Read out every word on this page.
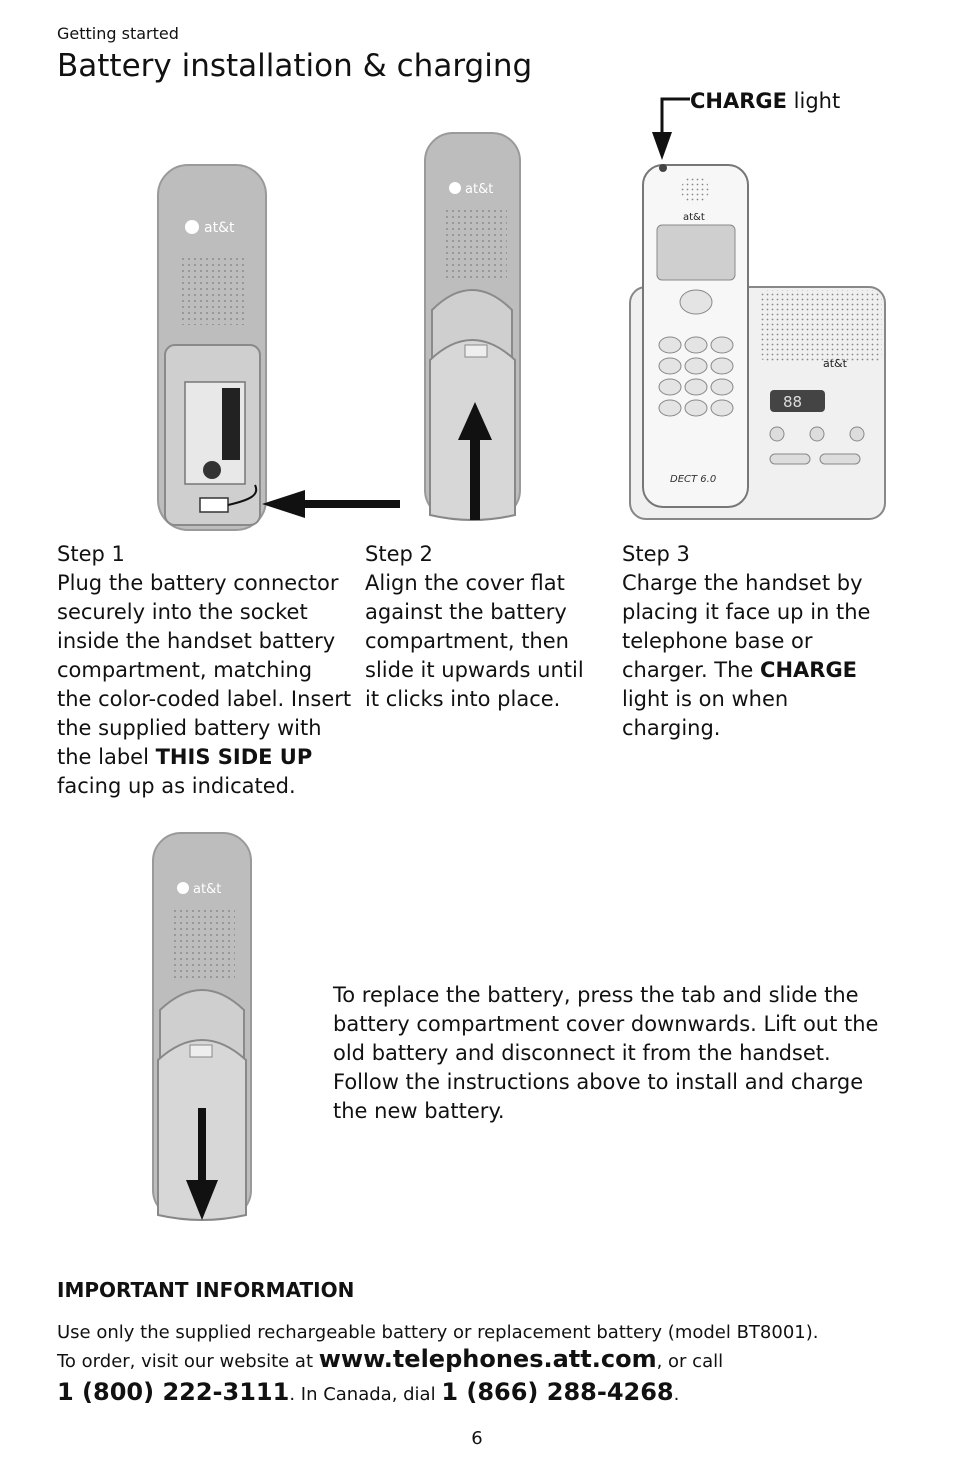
Getting started
Battery installation & charging
CHARGE light
at&t
at&t
at&t
88
at&t
DECT 6.0
Step 1
Plug the battery connector securely into the socket inside the handset battery compartment, matching the color-coded label. Insert the supplied battery with the label THIS SIDE UP facing up as indicated.
Step 2
Align the cover flat against the battery compartment, then slide it upwards until it clicks into place.
Step 3
Charge the handset by placing it face up in the telephone base or charger. The CHARGE light is on when charging.
at&t
To replace the battery, press the tab and slide the battery compartment cover downwards. Lift out the old battery and disconnect it from the handset. Follow the instructions above to install and charge the new battery.
IMPORTANT INFORMATION
Use only the supplied rechargeable battery or replacement battery (model BT8001).
To order, visit our website at www.telephones.att.com, or call
1 (800) 222-3111. In Canada, dial 1 (866) 288-4268.
6
